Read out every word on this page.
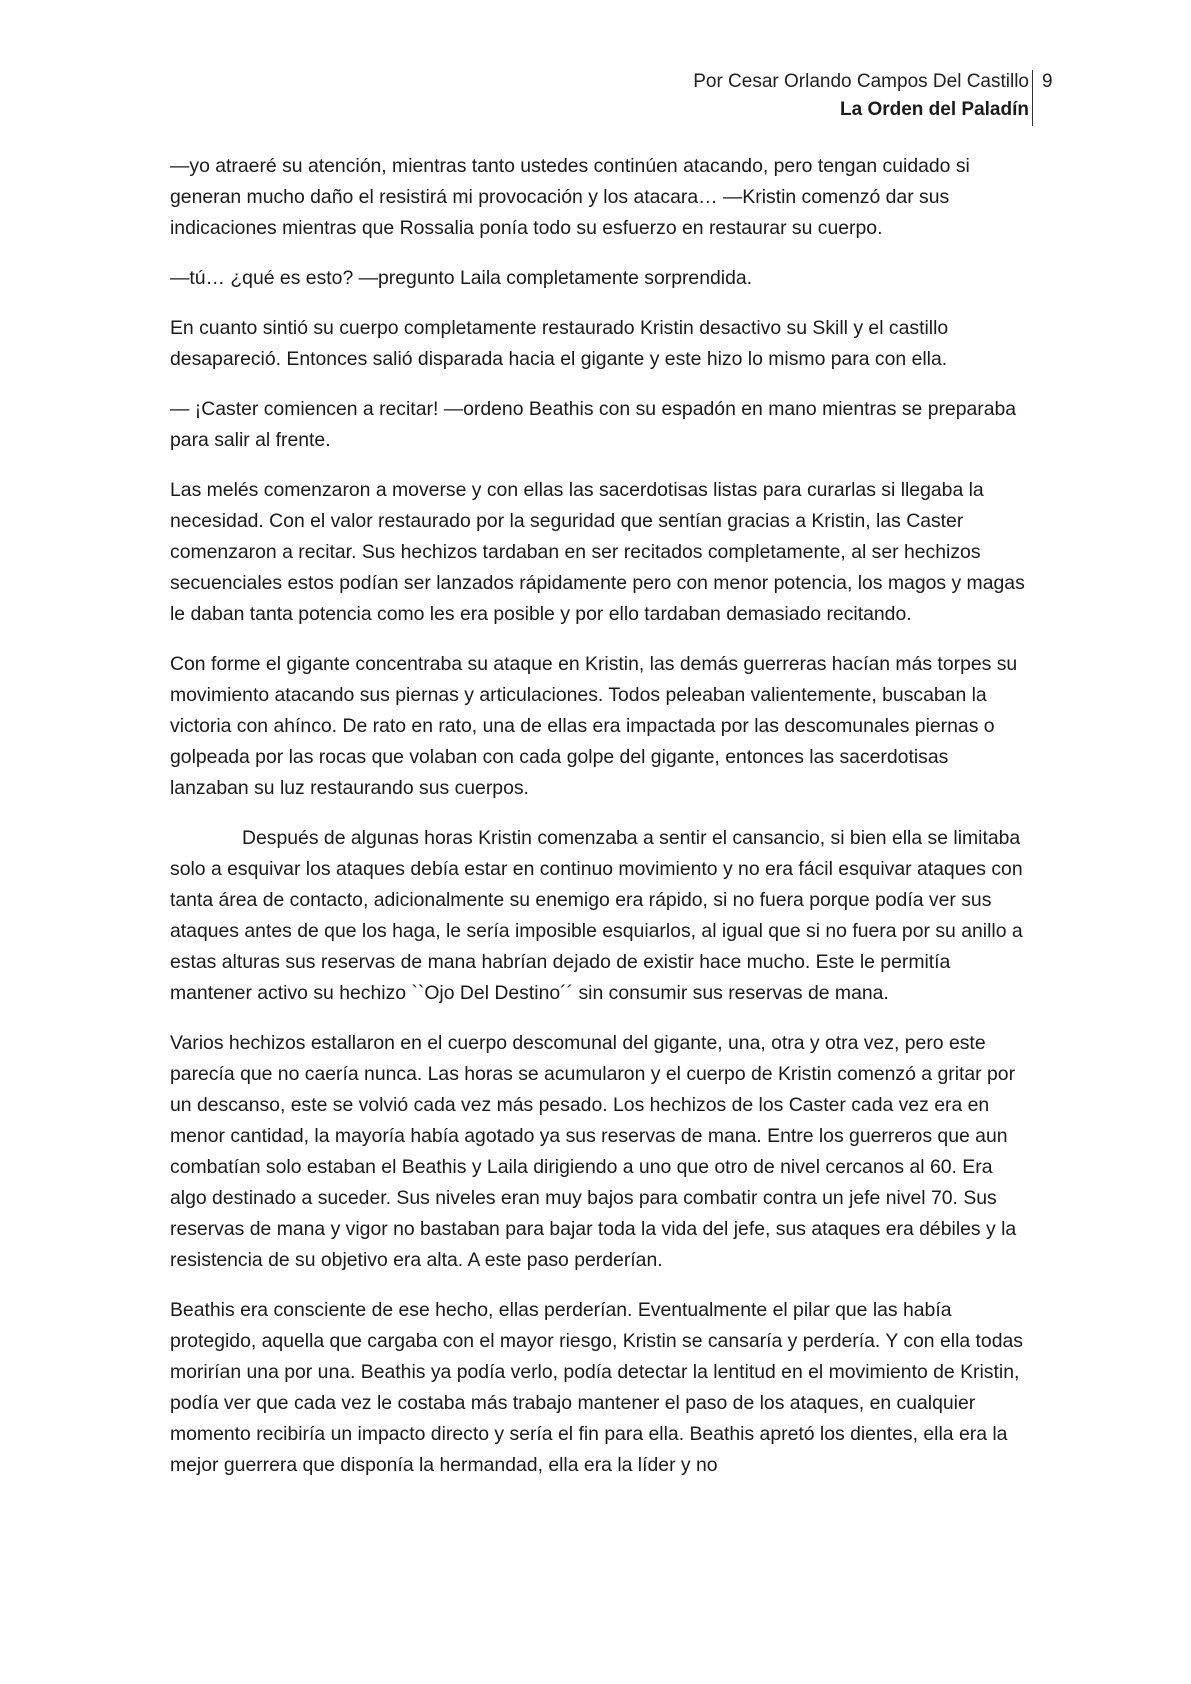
Por Cesar Orlando Campos Del Castillo
La Orden del Paladín
9

—yo atraeré su atención, mientras tanto ustedes continúen atacando, pero tengan cuidado si generan mucho daño el resistirá mi provocación y los atacara… —Kristin comenzó dar sus indicaciones mientras que Rossalia ponía todo su esfuerzo en restaurar su cuerpo.

—tú… ¿qué es esto? —pregunto Laila completamente sorprendida.

En cuanto sintió su cuerpo completamente restaurado Kristin desactivo su Skill y el castillo desapareció. Entonces salió disparada hacia el gigante y este hizo lo mismo para con ella.

— ¡Caster comiencen a recitar! —ordeno Beathis con su espadón en mano mientras se preparaba para salir al frente.

Las melés comenzaron a moverse y con ellas las sacerdotisas listas para curarlas si llegaba la necesidad. Con el valor restaurado por la seguridad que sentían gracias a Kristin, las Caster comenzaron a recitar. Sus hechizos tardaban en ser recitados completamente, al ser hechizos secuenciales estos podían ser lanzados rápidamente pero con menor potencia, los magos y magas le daban tanta potencia como les era posible y por ello tardaban demasiado recitando.

Con forme el gigante concentraba su ataque en Kristin, las demás guerreras hacían más torpes su movimiento atacando sus piernas y articulaciones. Todos peleaban valientemente, buscaban la victoria con ahínco. De rato en rato, una de ellas era impactada por las descomunales piernas o golpeada por las rocas que volaban con cada golpe del gigante, entonces las sacerdotisas lanzaban su luz restaurando sus cuerpos.

Después de algunas horas Kristin comenzaba a sentir el cansancio, si bien ella se limitaba solo a esquivar los ataques debía estar en continuo movimiento y no era fácil esquivar ataques con tanta área de contacto, adicionalmente su enemigo era rápido, si no fuera porque podía ver sus ataques antes de que los haga, le sería imposible esquiarlos, al igual que si no fuera por su anillo a estas alturas sus reservas de mana habrían dejado de existir hace mucho. Este le permitía mantener activo su hechizo ``Ojo Del Destino´´ sin consumir sus reservas de mana.

Varios hechizos estallaron en el cuerpo descomunal del gigante, una, otra y otra vez, pero este parecía que no caería nunca. Las horas se acumularon y el cuerpo de Kristin comenzó a gritar por un descanso, este se volvió cada vez más pesado. Los hechizos de los Caster cada vez era en menor cantidad, la mayoría había agotado ya sus reservas de mana. Entre los guerreros que aun combatían solo estaban el Beathis y Laila dirigiendo a uno que otro de nivel cercanos al 60. Era algo destinado a suceder. Sus niveles eran muy bajos para combatir contra un jefe nivel 70. Sus reservas de mana y vigor no bastaban para bajar toda la vida del jefe, sus ataques era débiles y la resistencia de su objetivo era alta. A este paso perderían.

Beathis era consciente de ese hecho, ellas perderían. Eventualmente el pilar que las había protegido, aquella que cargaba con el mayor riesgo, Kristin se cansaría y perdería. Y con ella todas morirían una por una. Beathis ya podía verlo, podía detectar la lentitud en el movimiento de Kristin, podía ver que cada vez le costaba más trabajo mantener el paso de los ataques, en cualquier momento recibiría un impacto directo y sería el fin para ella. Beathis apretó los dientes, ella era la mejor guerrera que disponía la hermandad, ella era la líder y no
